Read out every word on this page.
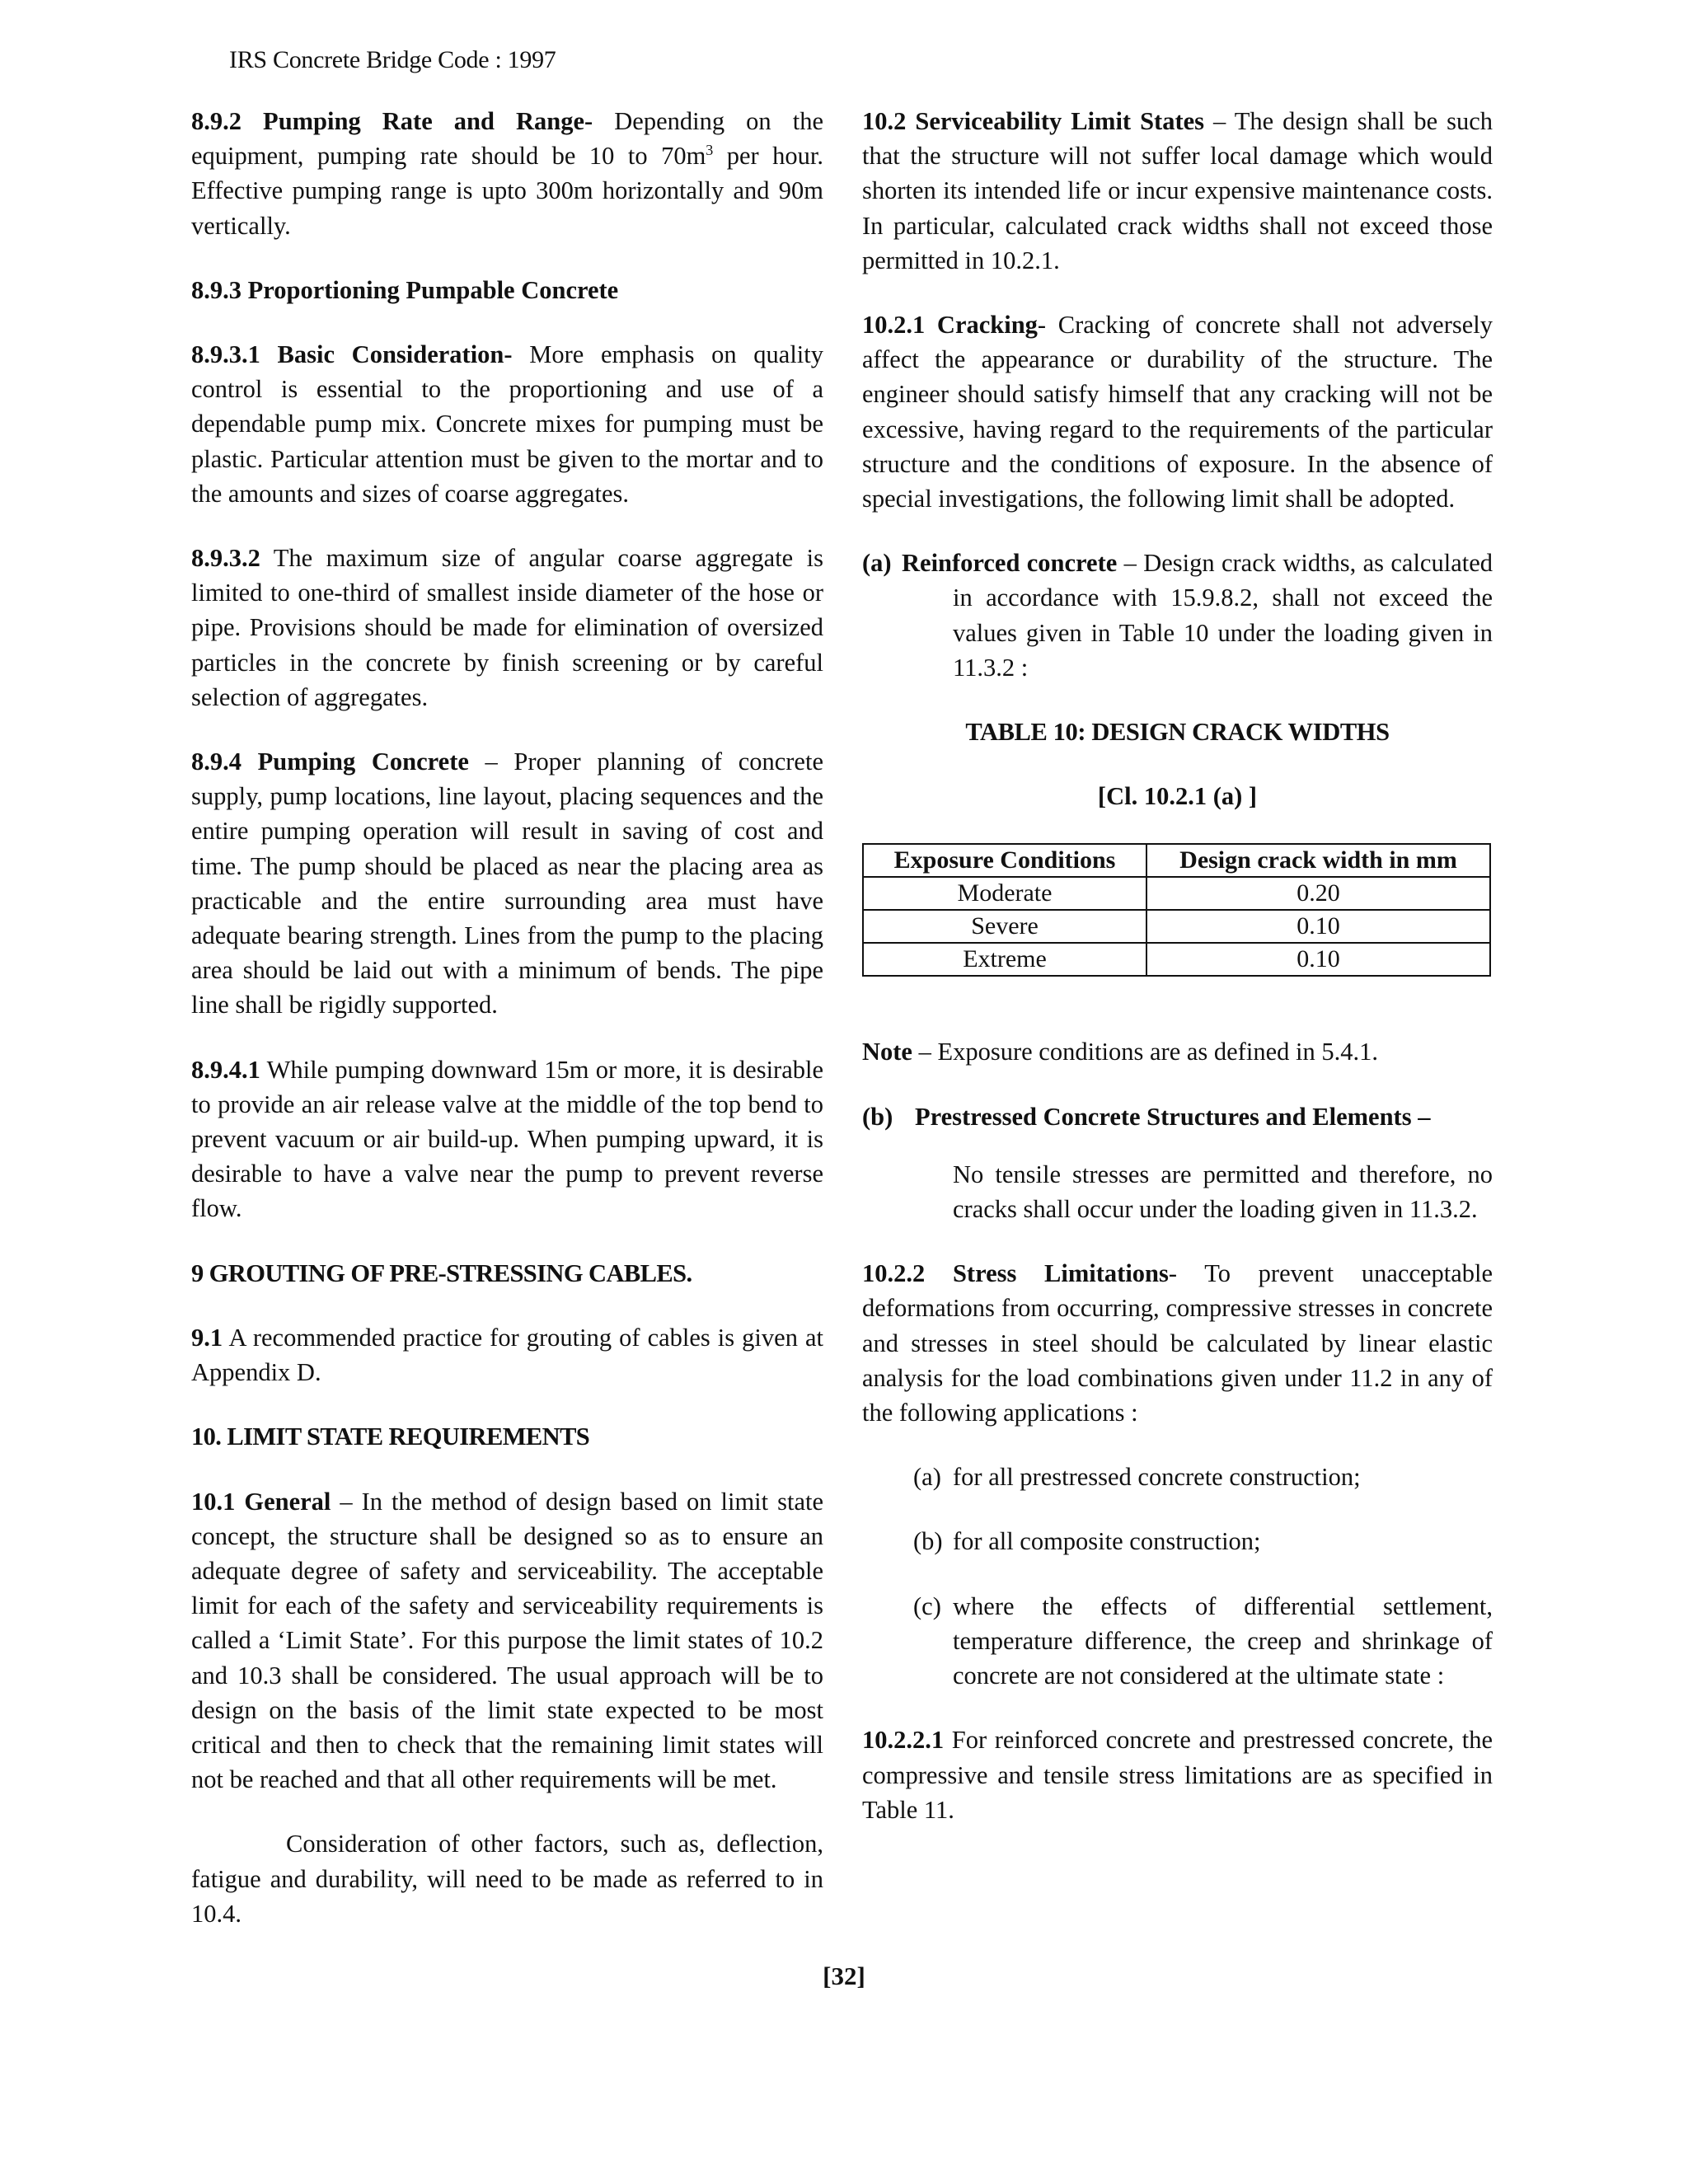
IRS Concrete Bridge Code : 1997

8.9.2 Pumping Rate and Range- Depending on the equipment, pumping rate should be 10 to $70m^3$ per hour. Effective pumping range is upto 300m horizontally and 90m vertically.

8.9.3 Proportioning Pumpable Concrete

8.9.3.1 Basic Consideration- More emphasis on quality control is essential to the proportioning and use of a dependable pump mix. Concrete mixes for pumping must be plastic. Particular attention must be given to the mortar and to the amounts and sizes of coarse aggregates.

8.9.3.2 The maximum size of angular coarse aggregate is limited to one-third of smallest inside diameter of the hose or pipe. Provisions should be made for elimination of oversized particles in the concrete by finish screening or by careful selection of aggregates.

8.9.4 Pumping Concrete – Proper planning of concrete supply, pump locations, line layout, placing sequences and the entire pumping operation will result in saving of cost and time. The pump should be placed as near the placing area as practicable and the entire surrounding area must have adequate bearing strength. Lines from the pump to the placing area should be laid out with a minimum of bends. The pipe line shall be rigidly supported.

8.9.4.1 While pumping downward 15m or more, it is desirable to provide an air release valve at the middle of the top bend to prevent vacuum or air build-up. When pumping upward, it is desirable to have a valve near the pump to prevent reverse flow.

9 GROUTING OF PRE-STRESSING CABLES.

9.1 A recommended practice for grouting of cables is given at Appendix D.

10. LIMIT STATE REQUIREMENTS

10.1 General – In the method of design based on limit state concept, the structure shall be designed so as to ensure an adequate degree of safety and serviceability. The acceptable limit for each of the safety and serviceability requirements is called a ‘Limit State’. For this purpose the limit states of 10.2 and 10.3 shall be considered. The usual approach will be to design on the basis of the limit state expected to be most critical and then to check that the remaining limit states will not be reached and that all other requirements will be met.

Consideration of other factors, such as, deflection, fatigue and durability, will need to be made as referred to in 10.4.

10.2 Serviceability Limit States – The design shall be such that the structure will not suffer local damage which would shorten its intended life or incur expensive maintenance costs. In particular, calculated crack widths shall not exceed those permitted in 10.2.1.

10.2.1 Cracking- Cracking of concrete shall not adversely affect the appearance or durability of the structure. The engineer should satisfy himself that any cracking will not be excessive, having regard to the requirements of the particular structure and the conditions of exposure. In the absence of special investigations, the following limit shall be adopted.

(a) Reinforced concrete – Design crack widths, as calculated in accordance with 15.9.8.2, shall not exceed the values given in Table 10 under the loading given in 11.3.2 :

TABLE 10: DESIGN CRACK WIDTHS

[Cl. 10.2.1 (a) ]

Exposure Conditions	Design crack width in mm
Moderate	0.20
Severe	0.10
Extreme	0.10

Note – Exposure conditions are as defined in 5.4.1.

(b) Prestressed Concrete Structures and Elements –

No tensile stresses are permitted and therefore, no cracks shall occur under the loading given in 11.3.2.

10.2.2 Stress Limitations- To prevent unacceptable deformations from occurring, compressive stresses in concrete and stresses in steel should be calculated by linear elastic analysis for the load combinations given under 11.2 in any of the following applications :

(a) for all prestressed concrete construction;

(b) for all composite construction;

(c) where the effects of differential settlement, temperature difference, the creep and shrinkage of concrete are not considered at the ultimate state :

10.2.2.1 For reinforced concrete and prestressed concrete, the compressive and tensile stress limitations are as specified in Table 11.

[32]
